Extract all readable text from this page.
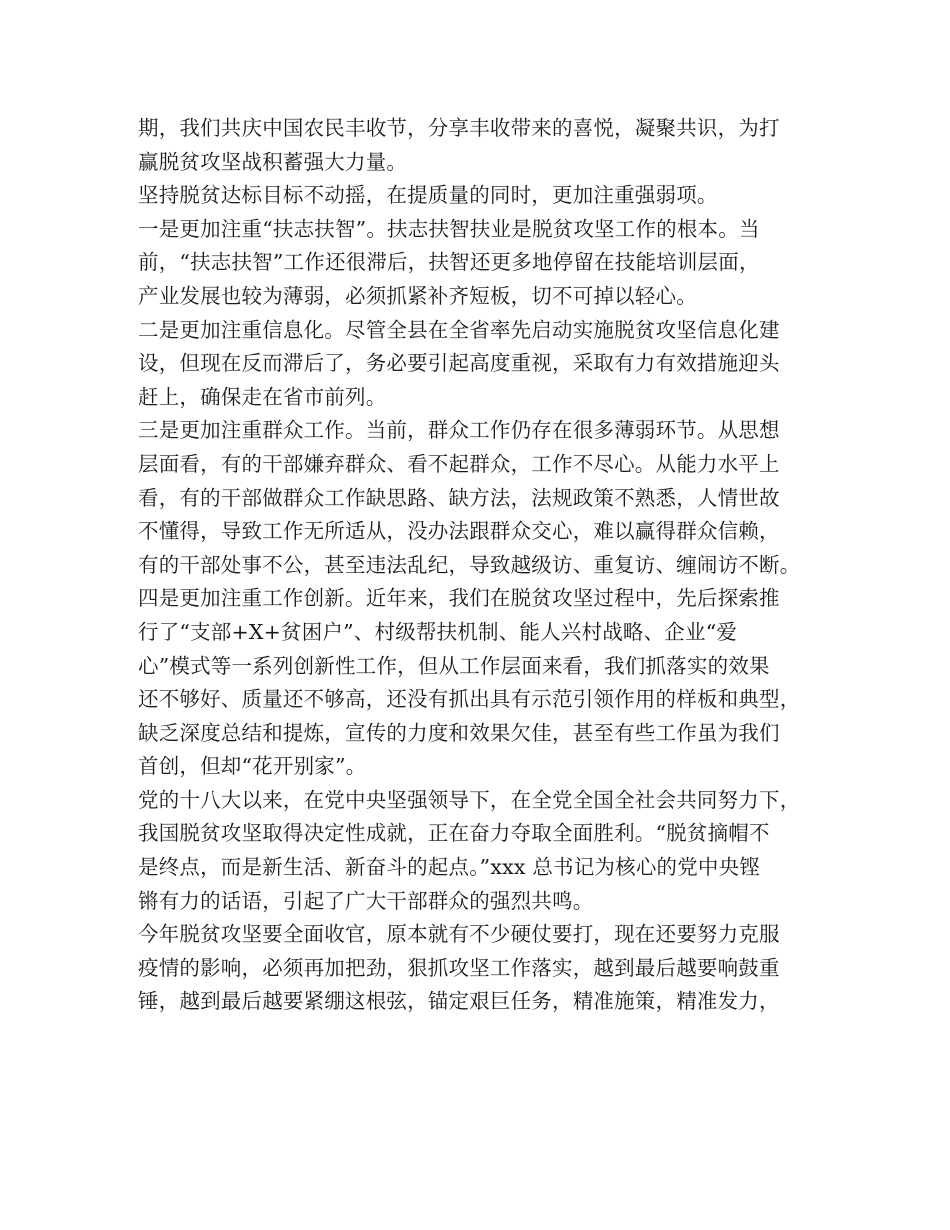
期，我们共庆中国农民丰收节，分享丰收带来的喜悦，凝聚共识，为打
赢脱贫攻坚战积蓄强大力量。
坚持脱贫达标目标不动摇，在提质量的同时，更加注重强弱项。
一是更加注重“扶志扶智”。扶志扶智扶业是脱贫攻坚工作的根本。当
前，“扶志扶智”工作还很滞后，扶智还更多地停留在技能培训层面，
产业发展也较为薄弱，必须抓紧补齐短板，切不可掉以轻心。
二是更加注重信息化。尽管全县在全省率先启动实施脱贫攻坚信息化建
设，但现在反而滞后了，务必要引起高度重视，采取有力有效措施迎头
赶上，确保走在省市前列。
三是更加注重群众工作。当前，群众工作仍存在很多薄弱环节。从思想
层面看，有的干部嫌弃群众、看不起群众，工作不尽心。从能力水平上
看，有的干部做群众工作缺思路、缺方法，法规政策不熟悉，人情世故
不懂得，导致工作无所适从，没办法跟群众交心，难以赢得群众信赖，
有的干部处事不公，甚至违法乱纪，导致越级访、重复访、缠闹访不断。
四是更加注重工作创新。近年来，我们在脱贫攻坚过程中，先后探索推
行了“支部+X+贫困户”、村级帮扶机制、能人兴村战略、企业“爱
心”模式等一系列创新性工作，但从工作层面来看，我们抓落实的效果
还不够好、质量还不够高，还没有抓出具有示范引领作用的样板和典型，
缺乏深度总结和提炼，宣传的力度和效果欠佳，甚至有些工作虽为我们
首创，但却“花开别家”。
党的十八大以来，在党中央坚强领导下，在全党全国全社会共同努力下，
我国脱贫攻坚取得决定性成就，正在奋力夺取全面胜利。“脱贫摘帽不
是终点，而是新生活、新奋斗的起点。”xxx 总书记为核心的党中央铿
锵有力的话语，引起了广大干部群众的强烈共鸣。
今年脱贫攻坚要全面收官，原本就有不少硬仗要打，现在还要努力克服
疫情的影响，必须再加把劲，狠抓攻坚工作落实，越到最后越要响鼓重
锤，越到最后越要紧绷这根弦，锚定艰巨任务，精准施策，精准发力，
